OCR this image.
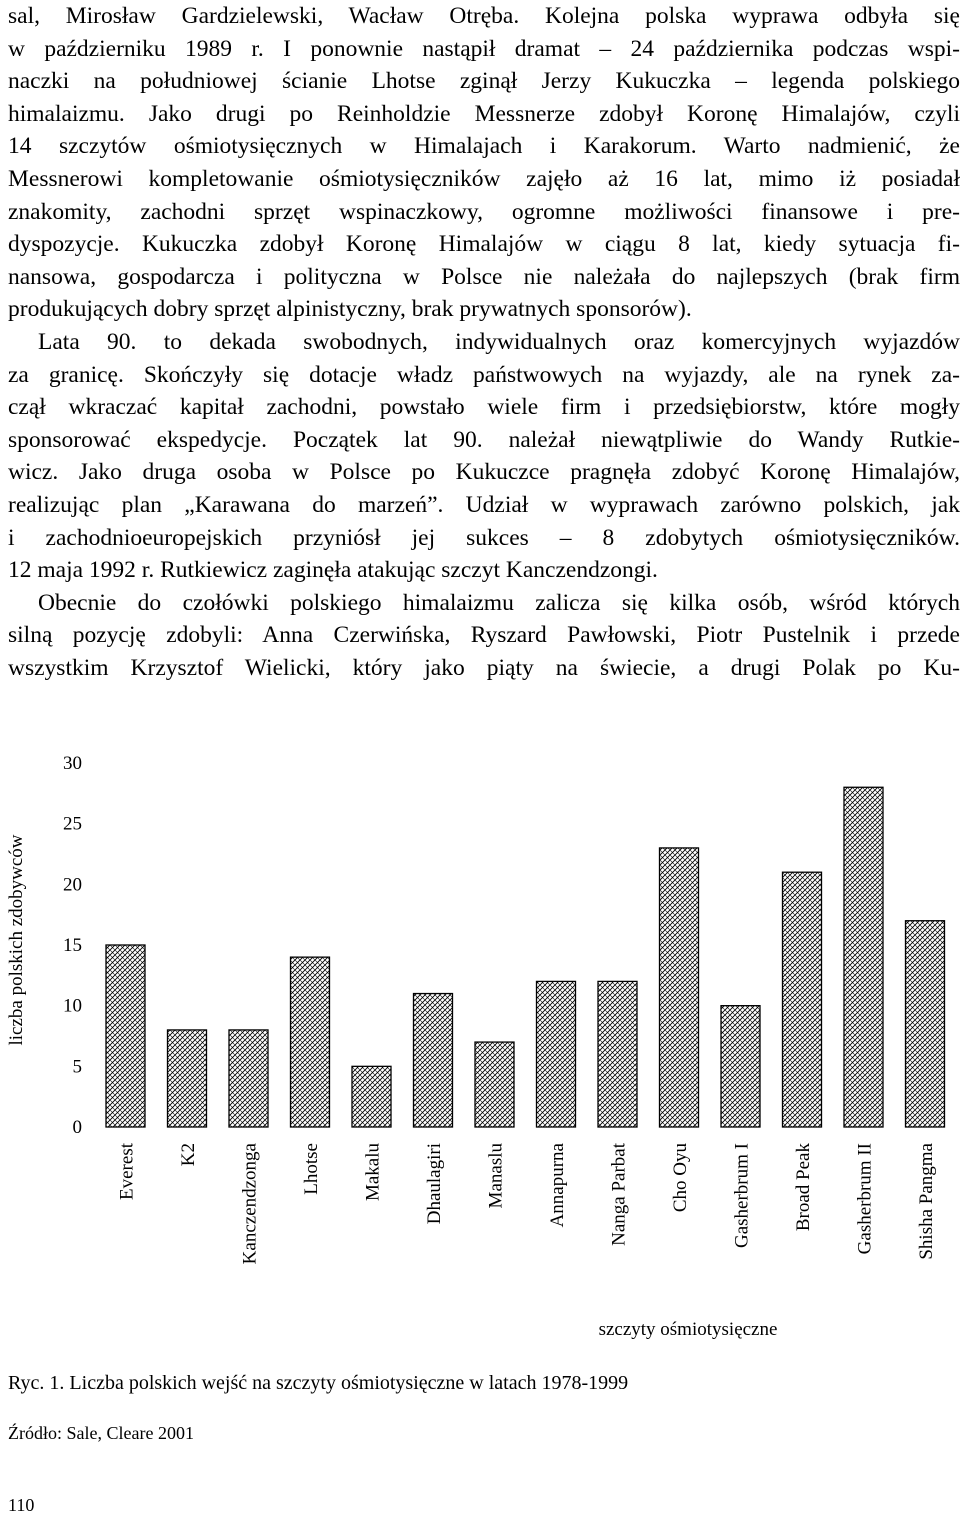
sal, Mirosław Gardzielewski, Wacław Otręba. Kolejna polska wyprawa odbyła się
w październiku 1989 r. I ponownie nastąpił dramat – 24 października podczas wspi-
naczki na południowej ścianie Lhotse zginął Jerzy Kukuczka – legenda polskiego
himalaizmu. Jako drugi po Reinholdzie Messnerze zdobył Koronę Himalajów, czyli
14 szczytów ośmiotysięcznych w Himalajach i Karakorum. Warto nadmienić, że
Messnerowi kompletowanie ośmiotysięczników zajęło aż 16 lat, mimo iż posiadał
znakomity, zachodni sprzęt wspinaczkowy, ogromne możliwości finansowe i pre-
dyspozycje. Kukuczka zdobył Koronę Himalajów w ciągu 8 lat, kiedy sytuacja fi-
nansowa, gospodarcza i polityczna w Polsce nie należała do najlepszych (brak firm
produkujących dobry sprzęt alpinistyczny, brak prywatnych sponsorów).
Lata 90. to dekada swobodnych, indywidualnych oraz komercyjnych wyjazdów
za granicę. Skończyły się dotacje władz państwowych na wyjazdy, ale na rynek za-
czął wkraczać kapitał zachodni, powstało wiele firm i przedsiębiorstw, które mogły
sponsorować ekspedycje. Początek lat 90. należał niewątpliwie do Wandy Rutkie-
wicz. Jako druga osoba w Polsce po Kukuczce pragnęła zdobyć Koronę Himalajów,
realizując plan „Karawana do marzeń”. Udział w wyprawach zarówno polskich, jak
i zachodnioeuropejskich przyniósł jej sukces – 8 zdobytych ośmiotysięczników.
12 maja 1992 r. Rutkiewicz zaginęła atakując szczyt Kanczendzongi.
Obecnie do czołówki polskiego himalaizmu zalicza się kilka osób, wśród których
silną pozycję zdobyli: Anna Czerwińska, Ryszard Pawłowski, Piotr Pustelnik i przede
wszystkim Krzysztof Wielicki, który jako piąty na świecie, a drugi Polak po Ku-
liczba polskich zdobywców
0
5
10
15
20
25
30
Everest K2 Kanczendzonga Lhotse Makalu Dhaulagiri Manaslu Annapurna Nanga Parbat Cho Oyu Gasherbrum I Broad Peak Gasherbrum II Shisha Pangma
szczyty ośmiotysięczne
Ryc. 1. Liczba polskich wejść na szczyty ośmiotysięczne w latach 1978-1999
Źródło: Sale, Cleare 2001
110
